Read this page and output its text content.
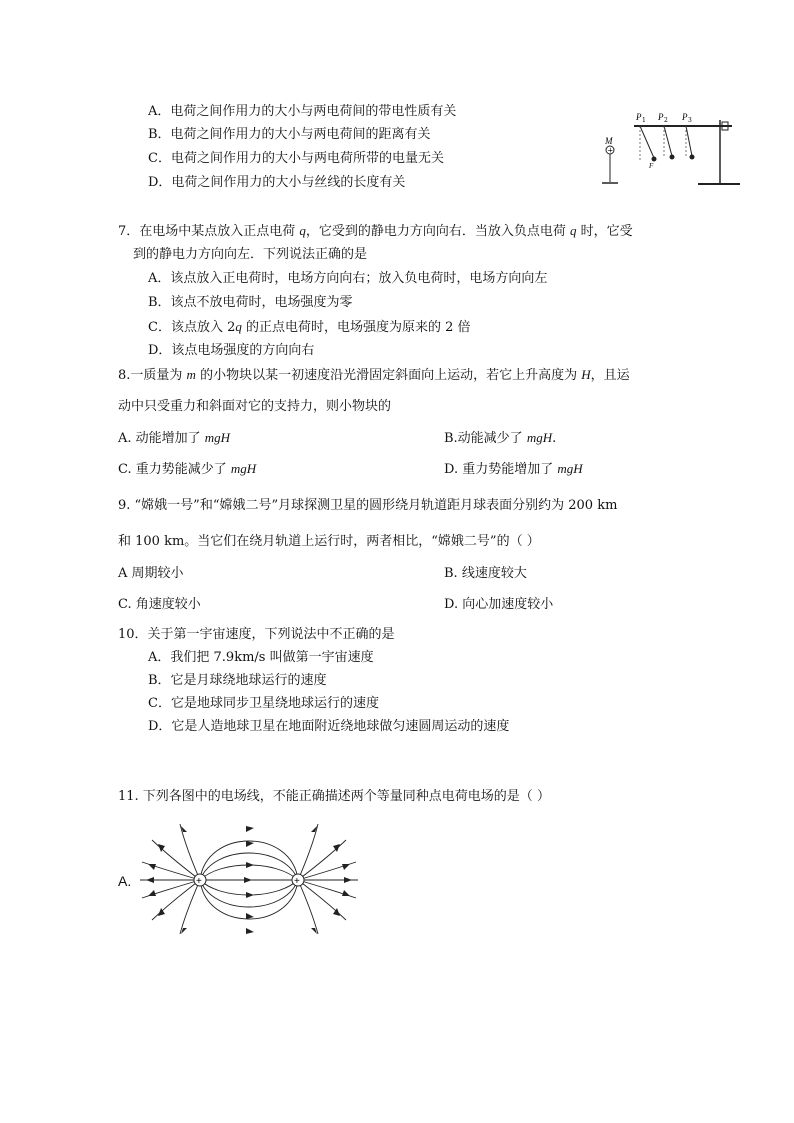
A．电荷之间作用力的大小与两电荷间的带电性质有关
B．电荷之间作用力的大小与两电荷间的距离有关
C．电荷之间作用力的大小与两电荷所带的电量无关
D．电荷之间作用力的大小与丝线的长度有关
+
M
P 1 P 2 P 3
F
7．在电场中某点放入正点电荷 q，它受到的静电力方向向右．当放入负点电荷 q 时，它受
到的静电力方向向左．下列说法正确的是
A．该点放入正电荷时，电场方向向右；放入负电荷时，电场方向向左
B．该点不放电荷时，电场强度为零
C．该点放入 2q 的正点电荷时，电场强度为原来的 2 倍
D．该点电场强度的方向向右
8.一质量为 m 的小物块以某一初速度沿光滑固定斜面向上运动，若它上升高度为 H，且运
动中只受重力和斜面对它的支持力，则小物块的
A. 动能增加了 mgH	B.动能减少了 mgH.
C. 重力势能减少了 mgH	D. 重力势能增加了 mgH
9. “嫦娥一号”和“嫦娥二号”月球探测卫星的圆形绕月轨道距月球表面分别约为 200 km
和 100 km。当它们在绕月轨道上运行时，两者相比，“嫦娥二号”的（ ）
A 周期较小	B. 线速度较大
C. 角速度较小	D. 向心加速度较小
10．关于第一宇宙速度，下列说法中不正确的是
A．我们把 7.9km/s 叫做第一宇宙速度
B．它是月球绕地球运行的速度
C．它是地球同步卫星绕地球运行的速度
D．它是人造地球卫星在地面附近绕地球做匀速圆周运动的速度
11. 下列各图中的电场线，不能正确描述两个等量同种点电荷电场的是（ ）
A.	+	+
